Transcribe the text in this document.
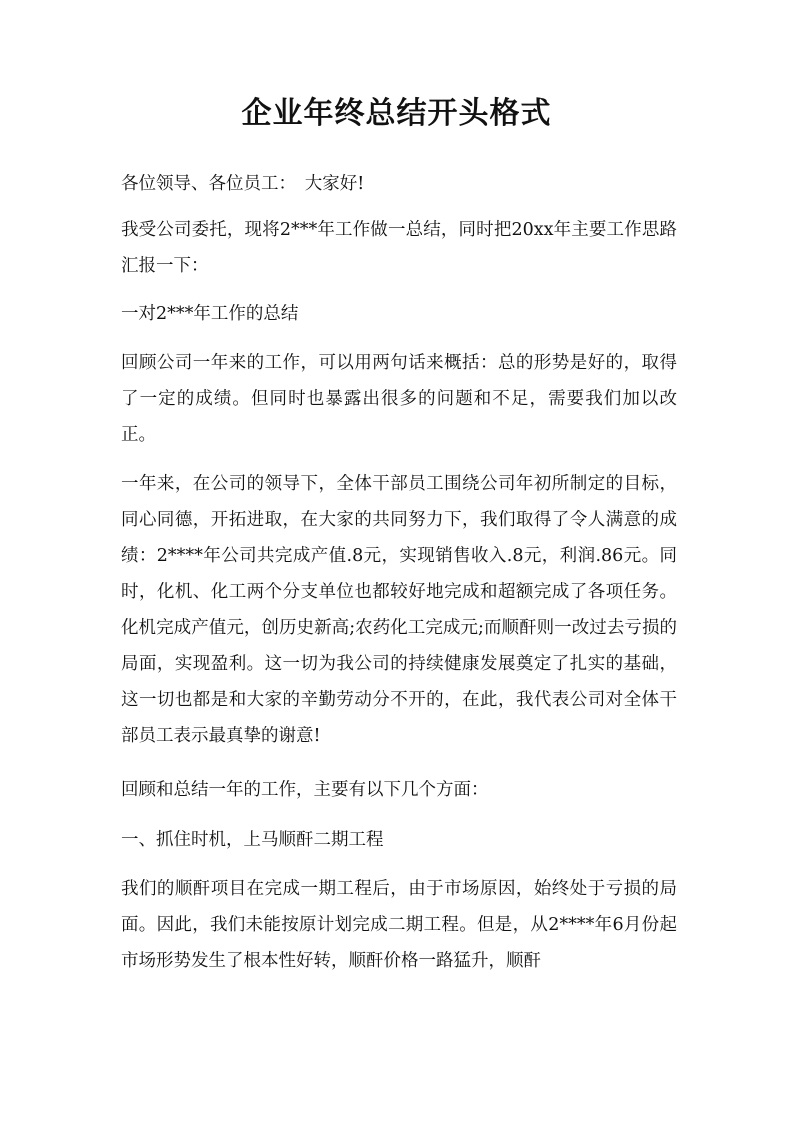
企业年终总结开头格式

各位领导、各位员工：　大家好!

我受公司委托，现将2***年工作做一总结，同时把20xx年主要工作思路汇报一下：

一对2***年工作的总结

回顾公司一年来的工作，可以用两句话来概括：总的形势是好的，取得了一定的成绩。但同时也暴露出很多的问题和不足，需要我们加以改正。

一年来，在公司的领导下，全体干部员工围绕公司年初所制定的目标，同心同德，开拓进取，在大家的共同努力下，我们取得了令人满意的成绩：2****年公司共完成产值.8元，实现销售收入.8元，利润.86元。同时，化机、化工两个分支单位也都较好地完成和超额完成了各项任务。化机完成产值元，创历史新高;农药化工完成元;而顺酐则一改过去亏损的局面，实现盈利。这一切为我公司的持续健康发展奠定了扎实的基础，这一切也都是和大家的辛勤劳动分不开的，在此，我代表公司对全体干部员工表示最真挚的谢意!

回顾和总结一年的工作，主要有以下几个方面：

一、抓住时机，上马顺酐二期工程

我们的顺酐项目在完成一期工程后，由于市场原因，始终处于亏损的局面。因此，我们未能按原计划完成二期工程。但是，从2****年6月份起市场形势发生了根本性好转，顺酐价格一路猛升，顺酐
